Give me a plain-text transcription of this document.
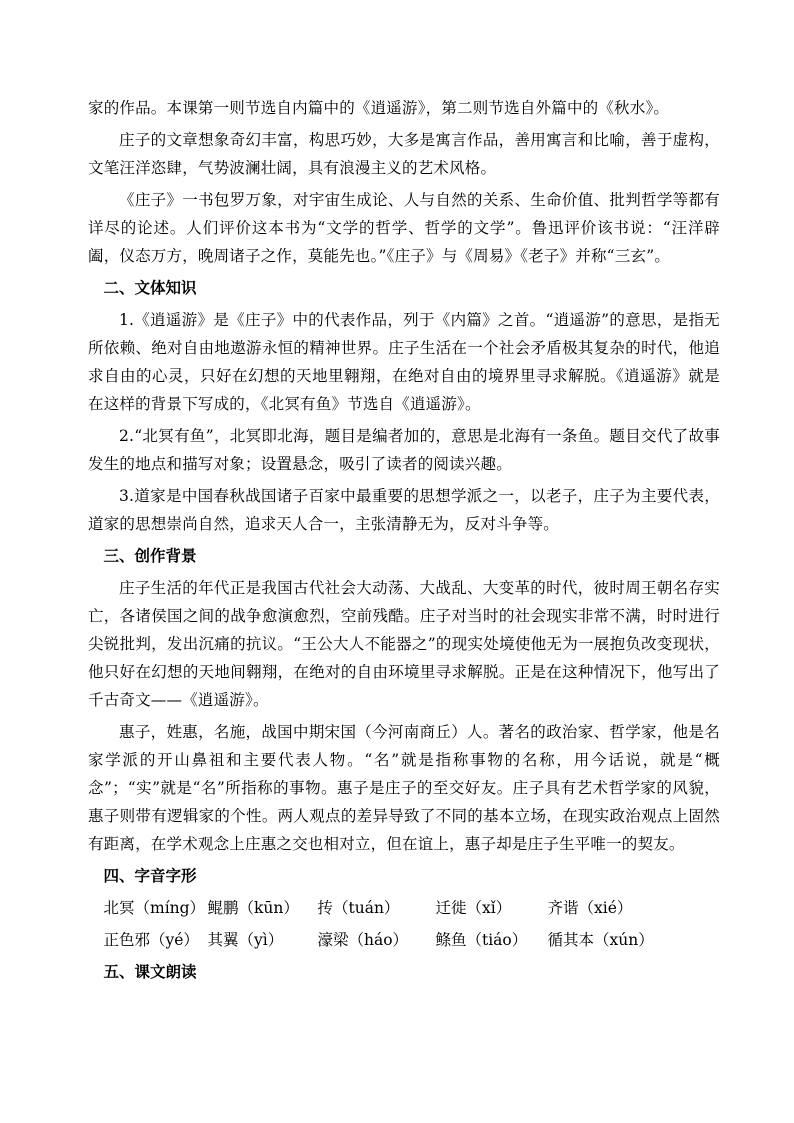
家的作品。本课第一则节选自内篇中的《逍遥游》，第二则节选自外篇中的《秋水》。

庄子的文章想象奇幻丰富，构思巧妙，大多是寓言作品，善用寓言和比喻，善于虚构，文笔汪洋恣肆，气势波澜壮阔，具有浪漫主义的艺术风格。

《庄子》一书包罗万象，对宇宙生成论、人与自然的关系、生命价值、批判哲学等都有详尽的论述。人们评价这本书为“文学的哲学、哲学的文学”。鲁迅评价该书说：“汪洋辟阖，仪态万方，晚周诸子之作，莫能先也。”《庄子》与《周易》《老子》并称“三玄”。

二、文体知识

1.《逍遥游》是《庄子》中的代表作品，列于《内篇》之首。“逍遥游”的意思，是指无所依赖、绝对自由地遨游永恒的精神世界。庄子生活在一个社会矛盾极其复杂的时代，他追求自由的心灵，只好在幻想的天地里翱翔，在绝对自由的境界里寻求解脱。《逍遥游》就是在这样的背景下写成的，《北冥有鱼》节选自《逍遥游》。

2.“北冥有鱼”，北冥即北海，题目是编者加的，意思是北海有一条鱼。题目交代了故事发生的地点和描写对象；设置悬念，吸引了读者的阅读兴趣。

3.道家是中国春秋战国诸子百家中最重要的思想学派之一，以老子，庄子为主要代表，道家的思想崇尚自然，追求天人合一，主张清静无为，反对斗争等。

三、创作背景

庄子生活的年代正是我国古代社会大动荡、大战乱、大变革的时代，彼时周王朝名存实亡，各诸侯国之间的战争愈演愈烈，空前残酷。庄子对当时的社会现实非常不满，时时进行尖锐批判，发出沉痛的抗议。“王公大人不能器之”的现实处境使他无为一展抱负改变现状，他只好在幻想的天地间翱翔，在绝对的自由环境里寻求解脱。正是在这种情况下，他写出了千古奇文——《逍遥游》。

惠子，姓惠，名施，战国中期宋国（今河南商丘）人。著名的政治家、哲学家，他是名家学派的开山鼻祖和主要代表人物。“名”就是指称事物的名称，用今话说，就是“概念”；“实”就是“名”所指称的事物。惠子是庄子的至交好友。庄子具有艺术哲学家的风貌，惠子则带有逻辑家的个性。两人观点的差异导致了不同的基本立场，在现实政治观点上固然有距离，在学术观念上庄惠之交也相对立，但在谊上，惠子却是庄子生平唯一的契友。

四、字音字形
北冥（míng） 鲲鹏（kūn）	抟（tuán）	迁徙（xǐ）	齐谐（xié）
正色邪（yé） 其翼（yì）	濠梁（háo）	鲦鱼（tiáo）	循其本（xún）
五、课文朗读
